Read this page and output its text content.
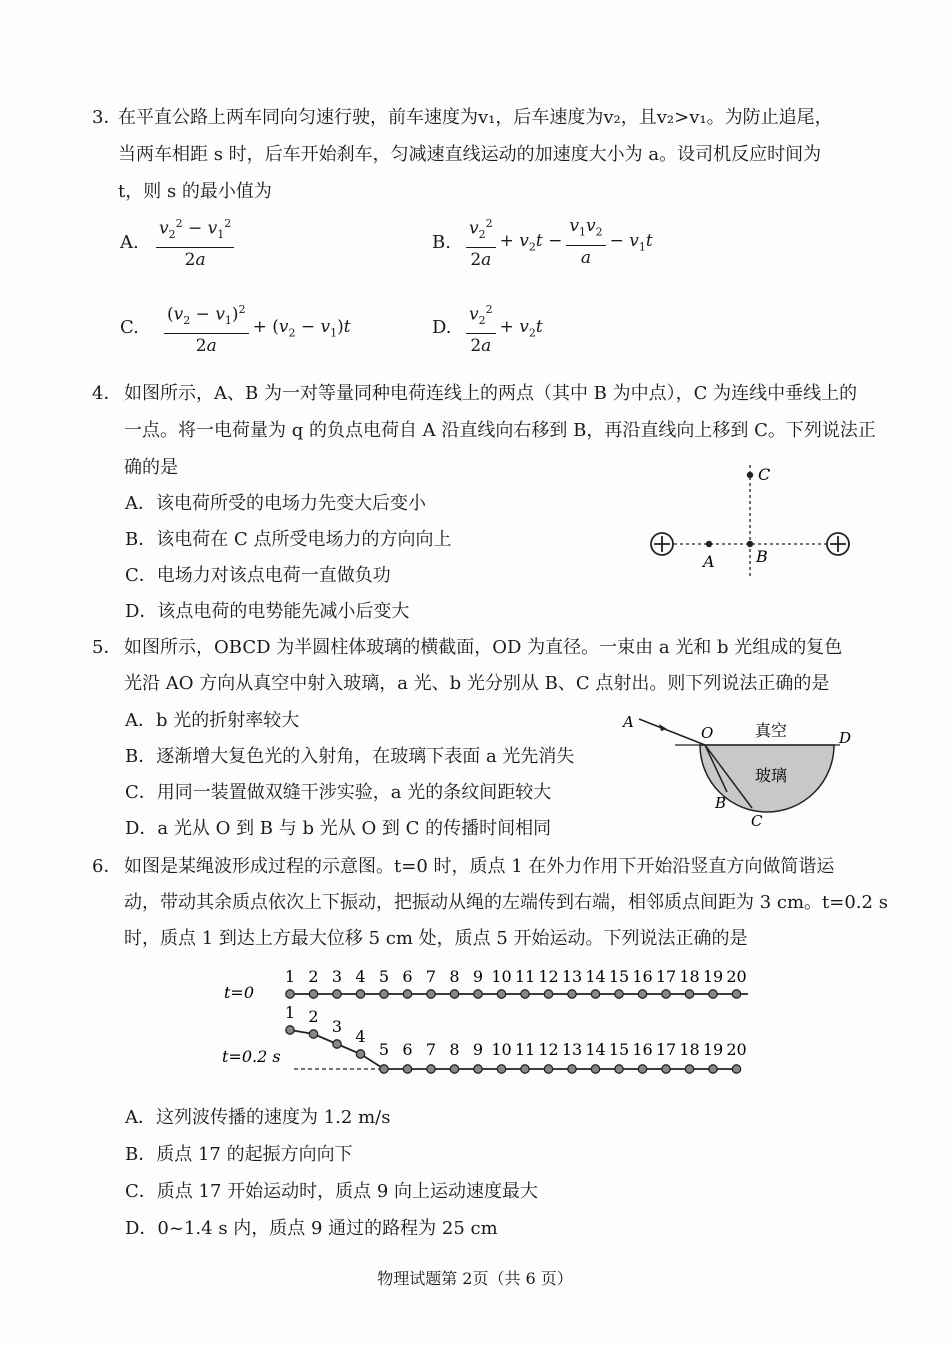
3．
在平直公路上两车同向匀速行驶，前车速度为v₁，后车速度为v₂，且v₂>v₁。为防止追尾，
当两车相距 s 时，后车开始刹车，匀减速直线运动的加速度大小为 a。设司机反应时间为
t，则 s 的最小值为
A. $\frac{v_2^2 - v_1^2}{2a}$	B. $\frac{v_2^2}{2a} + v_2t - \frac{v_1v_2}{a} - v_1t$
C. $\frac{(v_2 - v_1)^2}{2a} + (v_2 - v_1)t$	D. $\frac{v_2^2}{2a} + v_2t$
4． 如图所示，A、B 为一对等量同种电荷连线上的两点（其中 B 为中点），C 为连线中垂线上的
一点。将一电荷量为 q 的负点电荷自 A 沿直线向右移到 B，再沿直线向上移到 C。下列说法正
确的是
A．该电荷所受的电场力先变大后变小
B．该电荷在 C 点所受电场力的方向向上
C．电场力对该点电荷一直做负功
D．该点电荷的电势能先减小后变大
A	B
C
5． 如图所示，OBCD 为半圆柱体玻璃的横截面，OD 为直径。一束由 a 光和 b 光组成的复色
光沿 AO 方向从真空中射入玻璃，a 光、b 光分别从 B、C 点射出。则下列说法正确的是
A．b 光的折射率较大
B．逐渐增大复色光的入射角，在玻璃下表面 a 光先消失
C．用同一装置做双缝干涉实验，a 光的条纹间距较大
D．a 光从 O 到 B 与 b 光从 O 到 C 的传播时间相同
A
O	D
B
C
真空
玻璃
6． 如图是某绳波形成过程的示意图。t=0 时，质点 1 在外力作用下开始沿竖直方向做简谐运
动，带动其余质点依次上下振动，把振动从绳的左端传到右端，相邻质点间距为 3 cm。t=0.2 s
时，质点 1 到达上方最大位移 5 cm 处，质点 5 开始运动。下列说法正确的是
t=0
t=0.2 s
1 2 3 4 5 6 7 8 9 10 11 12 13 14 15 16 17 18 19 20
1 2
3
4
5 6 7 8 9 10 11 12 13 14 15 16 17 18 19 20
A．这列波传播的速度为 1.2 m/s
B．质点 17 的起振方向向下
C．质点 17 开始运动时，质点 9 向上运动速度最大
D．0~1.4 s 内，质点 9 通过的路程为 25 cm
物理试题第 2页（共 6 页）
